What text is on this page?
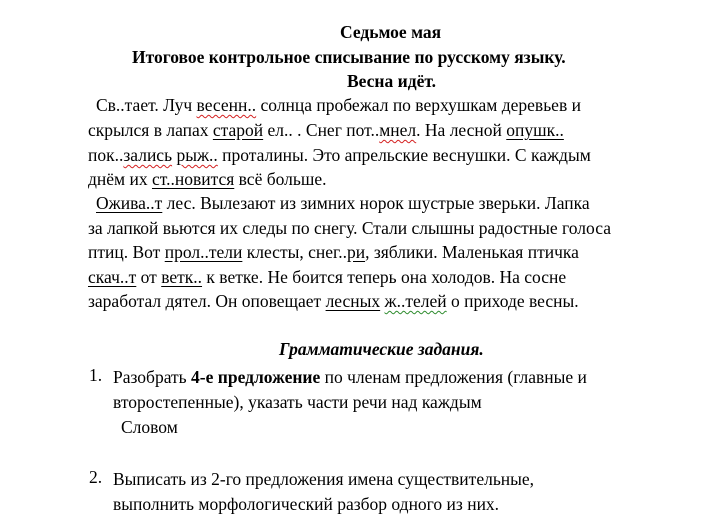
Седьмое мая
Итоговое контрольное списывание по русскому языку.
Весна идёт.
Св..тает. Луч весенн.. солнца пробежал по верхушкам деревьев и
скрылся в лапах старой ел.. . Снег пот..мнел. На лесной опушк..
пок..зались рыж.. проталины. Это апрельские веснушки. С каждым
днём их ст..новится всё больше.
Ожива..т лес. Вылезают из зимних норок шустрые зверьки. Лапка
за лапкой вьются их следы по снегу. Стали слышны радостные голоса
птиц. Вот прол..тели клесты, снег..ри, зяблики. Маленькая птичка
скач..т от ветк.. к ветке. Не боится теперь она холодов. На сосне
заработал дятел. Он оповещает лесных ж..телей о приходе весны.
Грамматические задания.
1. Разобрать 4-е предложение по членам предложения (главные и
второстепенные), указать части речи над каждым
Словом
2. Выписать из 2-го предложения имена существительные,
выполнить морфологический разбор одного из них.
